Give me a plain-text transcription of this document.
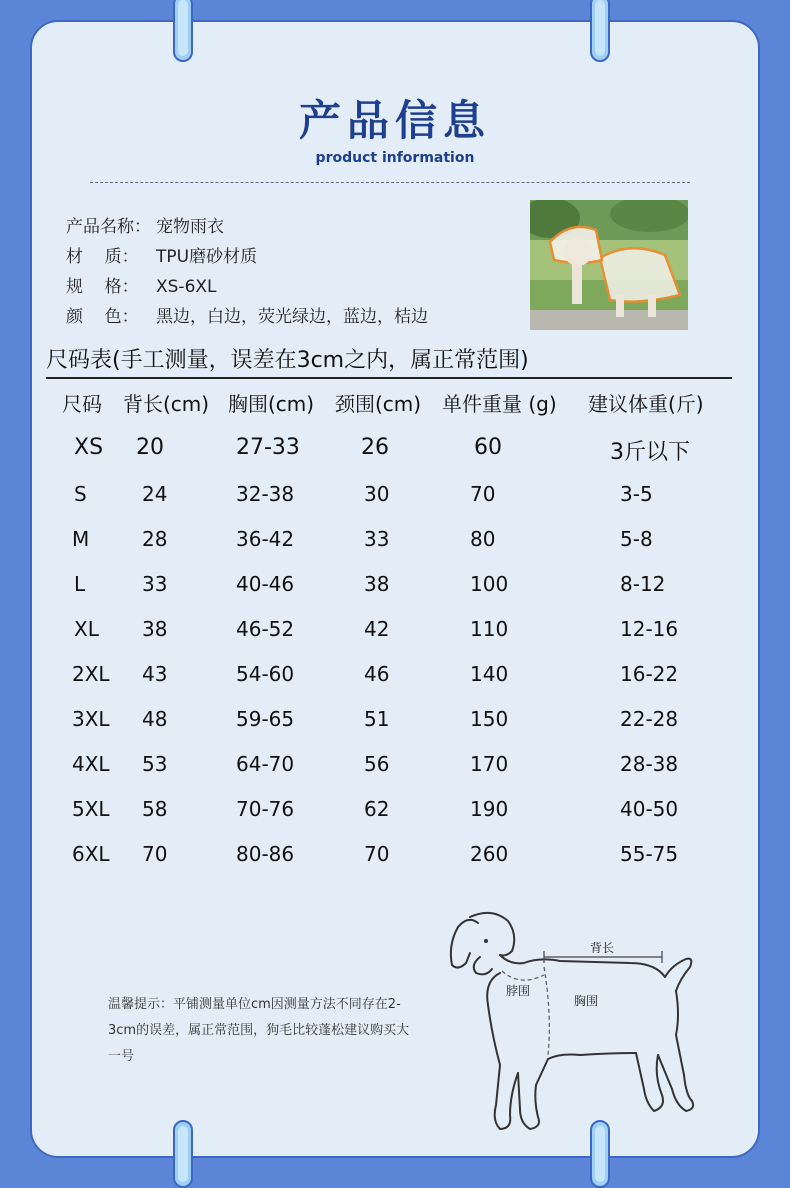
产品信息
product information
产品名称： 宠物雨衣
材    质：	TPU磨砂材质
规    格：	XS-6XL
颜    色：	黑边，白边，荧光绿边，蓝边，桔边
尺码表(手工测量，误差在3cm之内，属正常范围)
尺码 背长(cm) 胸围(cm) 颈围(cm) 单件重量 (g) 建议体重(斤)
XS 20	27-33	26	60	3斤以下
S	24	32-38	30	70	3-5
M	28	36-42	33	80	5-8
L	33	40-46	38	100	8-12
XL 38	46-52	42	110	12-16
2XL 43	54-60	46	140	16-22
3XL 48	59-65	51	150	22-28
4XL 53	64-70	56	170	28-38
5XL 58	70-76	62	190	40-50
6XL 70	80-86	70	260	55-75
温馨提示：平铺测量单位cm因测量方法不同存在2-3cm的误差，属正常范围，狗毛比较蓬松建议购买大一号
背长
脖围
胸围
